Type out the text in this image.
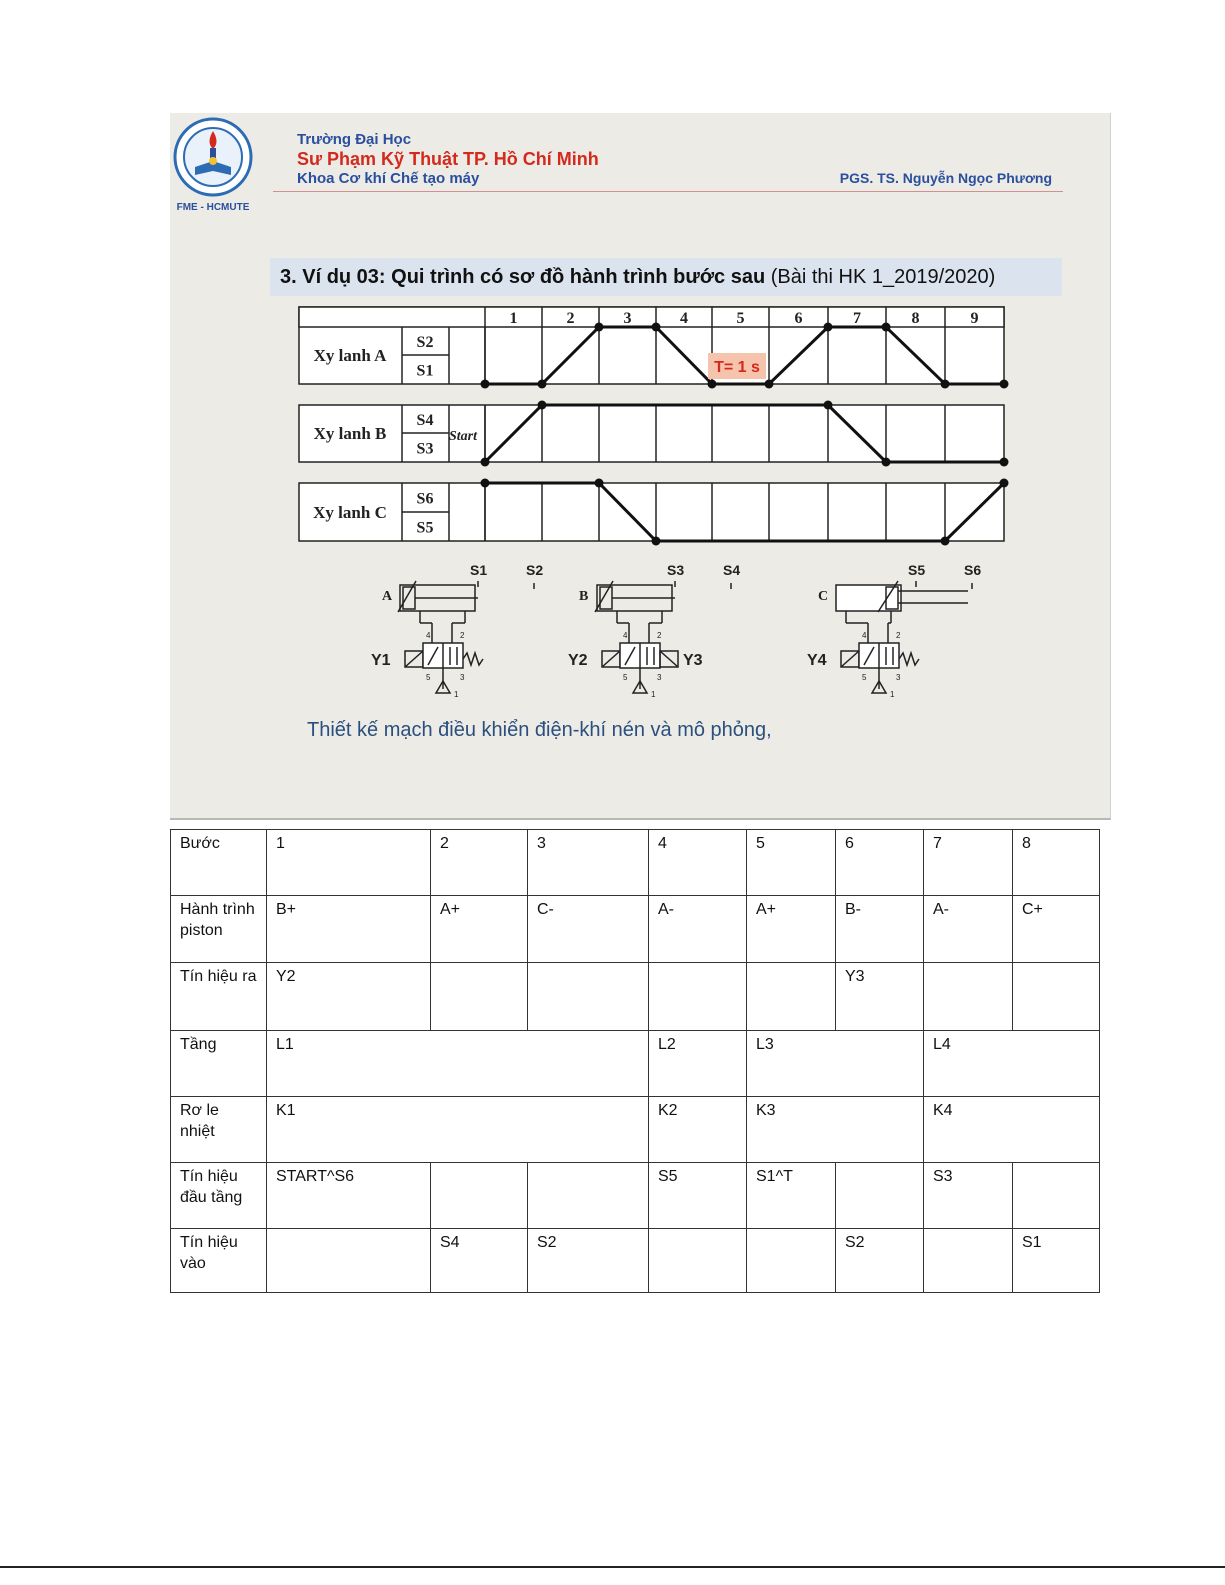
FME - HCMUTE
Trường Đại Học
Sư Phạm Kỹ Thuật TP. Hồ Chí Minh
Khoa Cơ khí Chế tạo máy	PGS. TS. Nguyễn Ngọc Phương
3. Ví dụ 03: Qui trình có sơ đồ hành trình bước sau (Bài thi HK 1_2019/2020)
1	2	3	4	5	6	7	8	9
Xy lanh A
S2
S1
Xy lanh B
S4
S3
Xy lanh C
S6
S5
Start
T= 1 s
A
S1	S2
4	2
Y1
5	3
1
B
S3	S4
4	2
Y3
Y2
5	3
1
C
S5	S6
4	2
Y4
5	3
1
Thiết kế mạch điều khiển điện-khí nén và mô phỏng,
Bước	1	2	3	4	5	6	7	8
Hành trình piston	B+	A+	C-	A-	A+	B-	A-	C+
Tín hiệu ra	Y2					Y3		
Tầng	L1			L2	L3		L4	
Rơ le nhiệt	K1			K2	K3		K4	
Tín hiệu đầu tầng	START^S6			S5	S1^T		S3	
Tín hiệu vào		S4	S2			S2		S1
